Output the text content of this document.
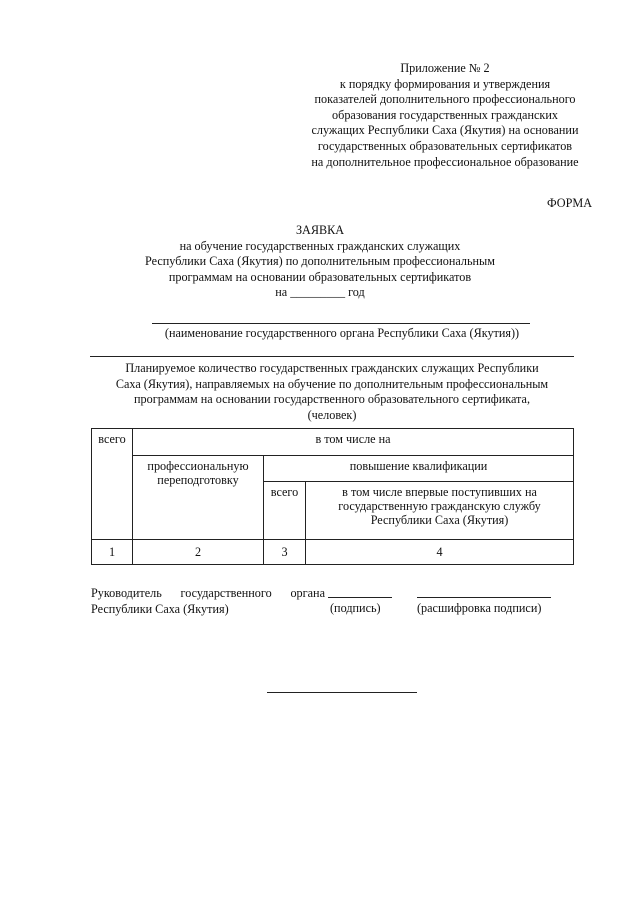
Приложение № 2
к порядку формирования и утверждения
показателей дополнительного профессионального
образования государственных гражданских
служащих Республики Саха (Якутия) на основании
государственных образовательных сертификатов
на дополнительное профессиональное образование
ФОРМА
ЗАЯВКА
на обучение государственных гражданских служащих
Республики Саха (Якутия) по дополнительным профессиональным
программам на основании образовательных сертификатов
на _________ год
(наименование государственного органа Республики Саха (Якутия))
Планируемое количество государственных гражданских служащих Республики
Саха (Якутия), направляемых на обучение по дополнительным профессиональным
программам на основании государственного образовательного сертификата,
(человек)
всего	в том числе на		
	профессиональную переподготовку	повышение квалификации	
		всего	в том числе впервые поступивших на государственную гражданскую службу Республики Саха (Якутия)
1	2	3	4
Руководитель государственного органа
Республики Саха (Якутия)	(подпись)	(расшифровка подписи)
